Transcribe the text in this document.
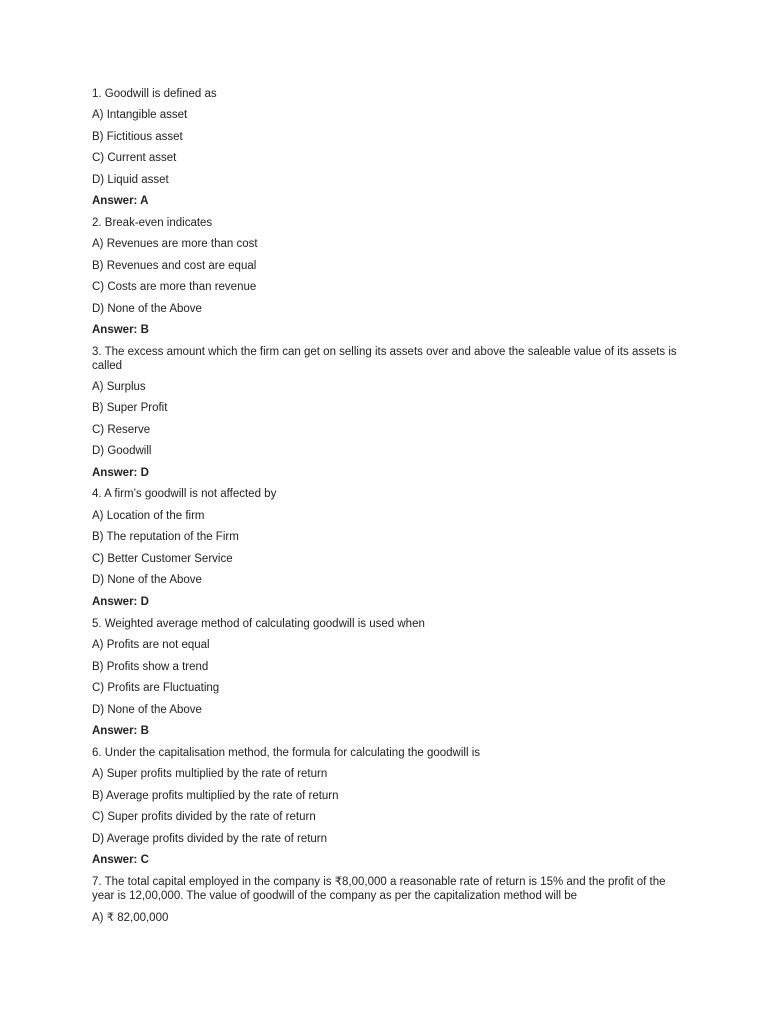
1. Goodwill is defined as
A) Intangible asset
B) Fictitious asset
C) Current asset
D) Liquid asset
Answer: A
2. Break-even indicates
A) Revenues are more than cost
B) Revenues and cost are equal
C) Costs are more than revenue
D) None of the Above
Answer: B
3. The excess amount which the firm can get on selling its assets over and above the saleable value of its assets is called
A) Surplus
B) Super Profit
C) Reserve
D) Goodwill
Answer: D
4. A firm’s goodwill is not affected by
A) Location of the firm
B) The reputation of the Firm
C) Better Customer Service
D) None of the Above
Answer: D
5. Weighted average method of calculating goodwill is used when
A) Profits are not equal
B) Profits show a trend
C) Profits are Fluctuating
D) None of the Above
Answer: B
6. Under the capitalisation method, the formula for calculating the goodwill is
A) Super profits multiplied by the rate of return
B) Average profits multiplied by the rate of return
C) Super profits divided by the rate of return
D) Average profits divided by the rate of return
Answer: C
7. The total capital employed in the company is ₹8,00,000 a reasonable rate of return is 15% and the profit of the year is 12,00,000. The value of goodwill of the company as per the capitalization method will be
A) ₹ 82,00,000
